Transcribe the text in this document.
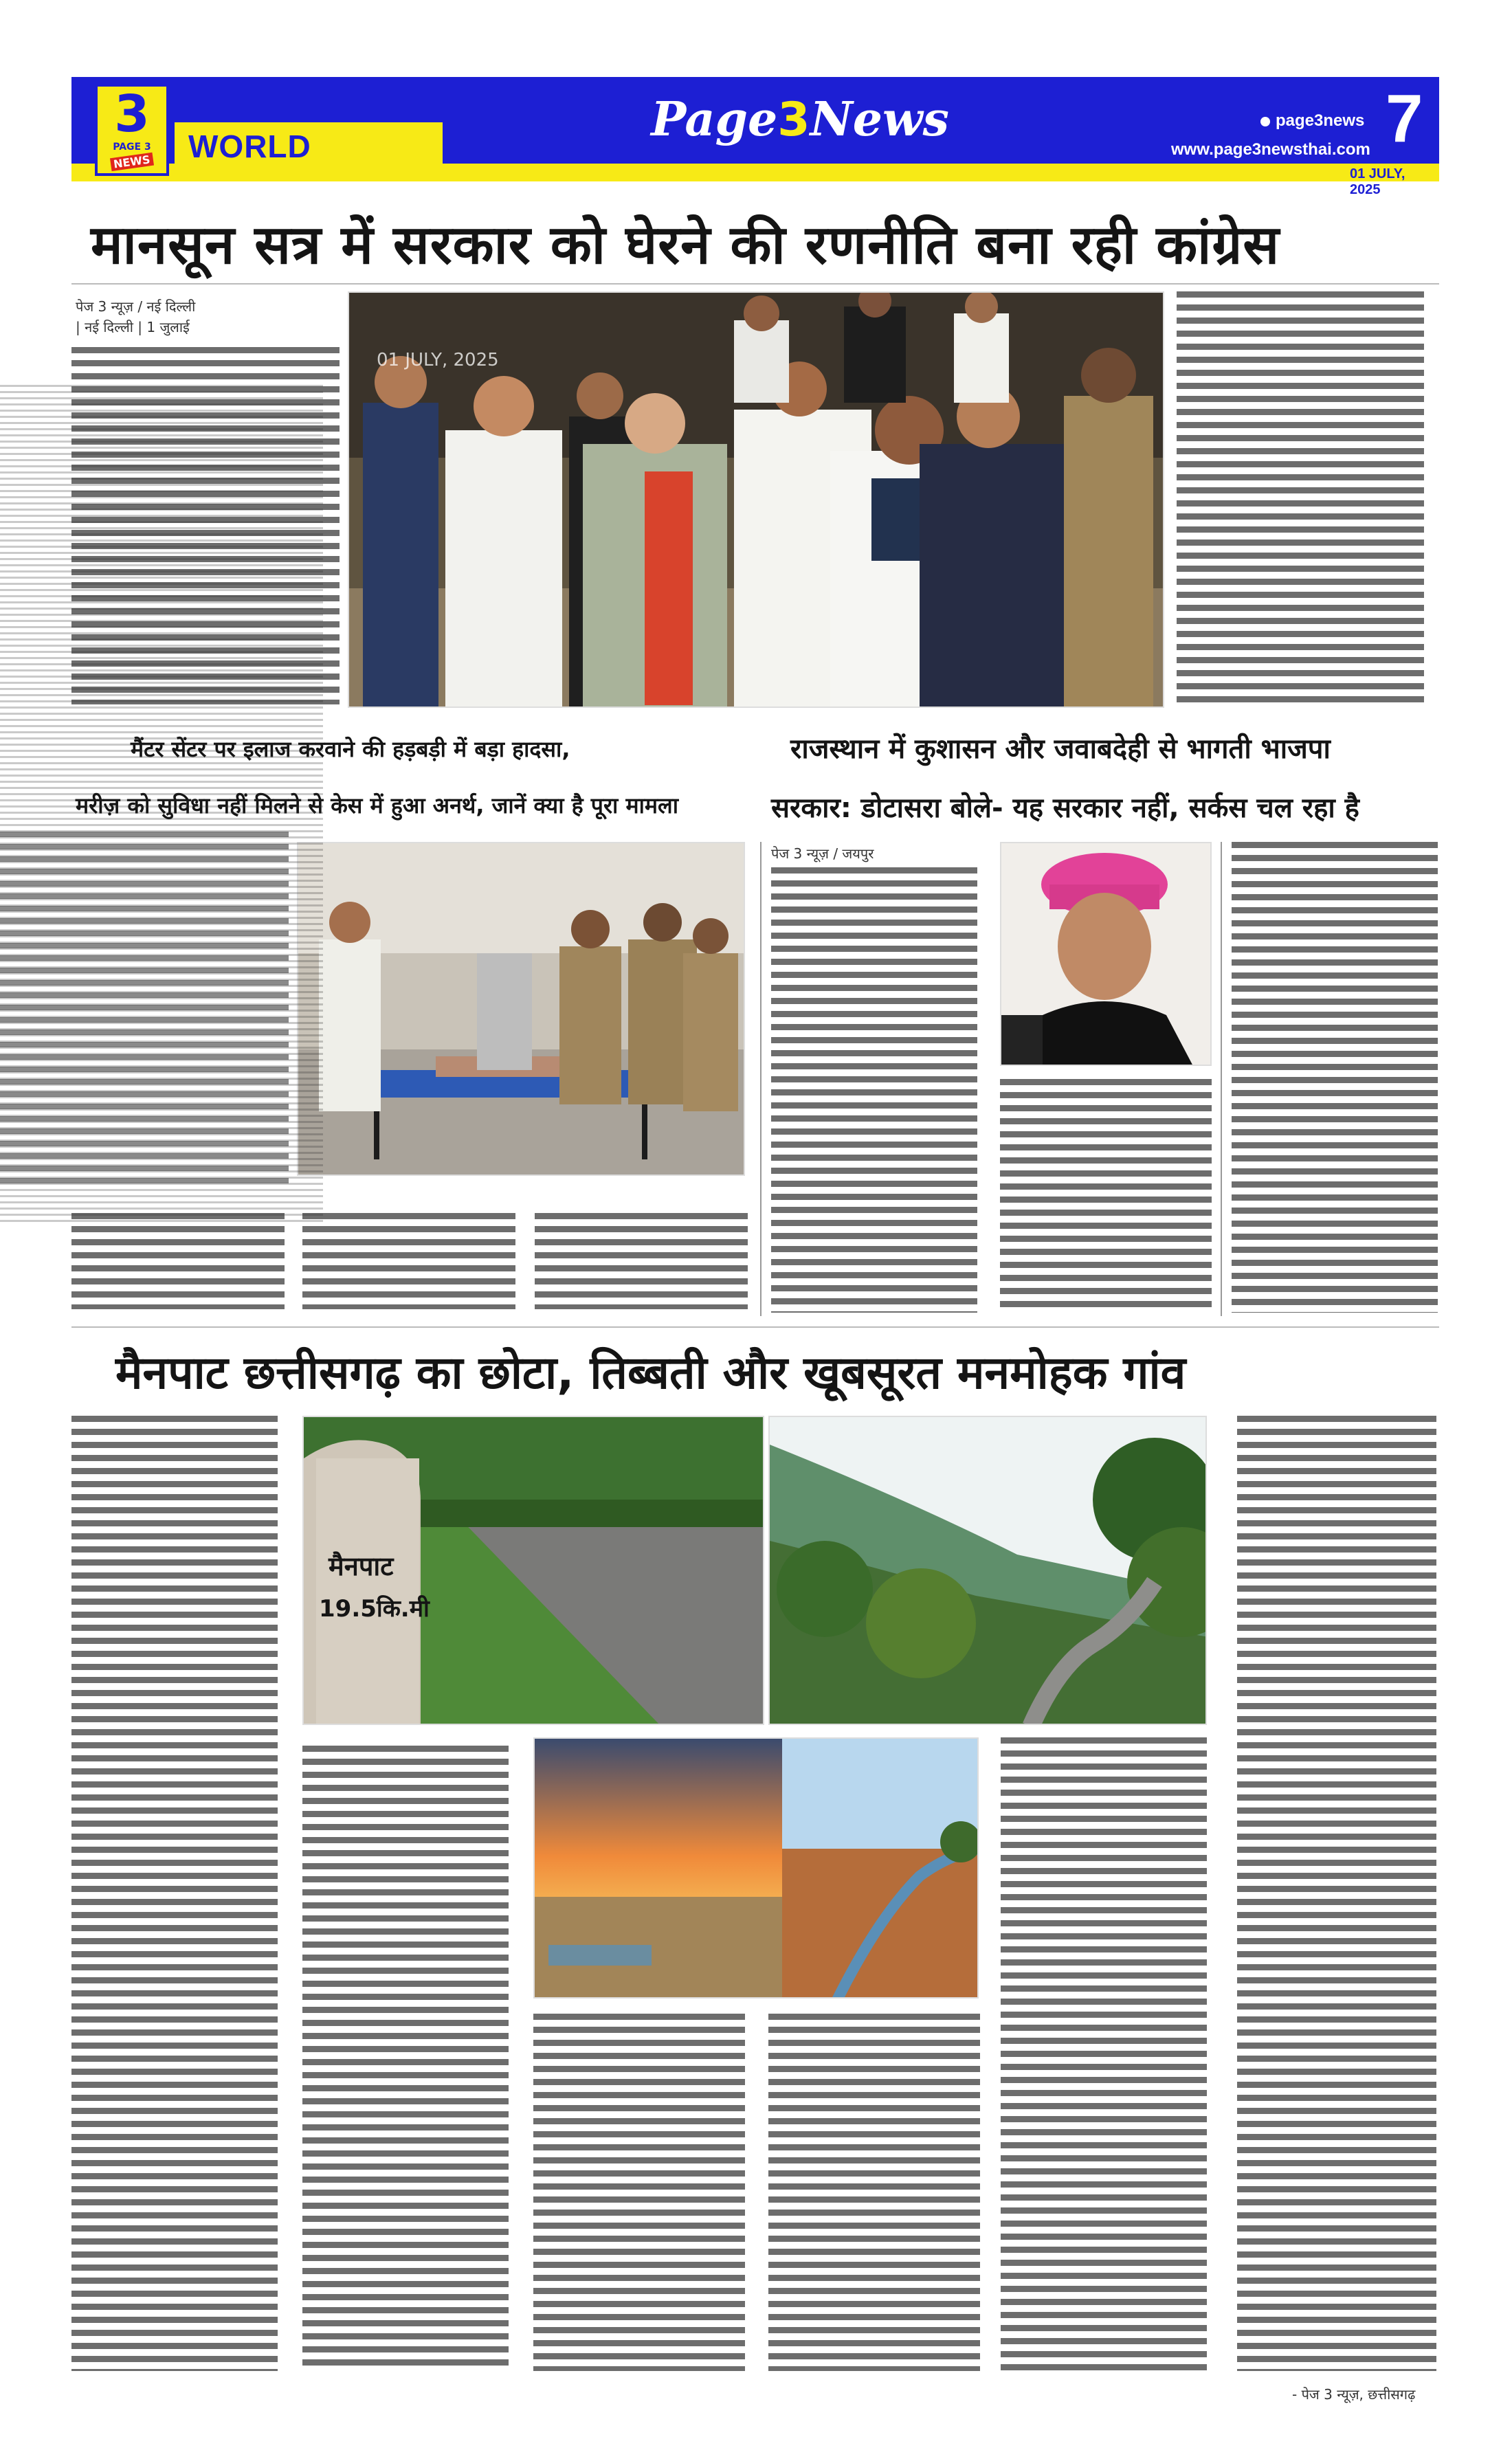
3
PAGE 3
NEWS	WORLD	Page3News	page3news
www.page3newsthai.com 7
01 JULY, 2025
मानसून सत्र में सरकार को घेरने की रणनीति बना रही कांग्रेस
पेज 3 न्यूज़ / नई दिल्ली
| नई दिल्ली | 1 जुलाई
01 JULY, 2025
मैंटर सेंटर पर इलाज करवाने की हड़बड़ी में बड़ा हादसा,
मरीज़ को सुविधा नहीं मिलने से केस में हुआ अनर्थ, जानें क्या है पूरा मामला
राजस्थान में कुशासन और जवाबदेही से भागती भाजपा
सरकार: डोटासरा बोले- यह सरकार नहीं, सर्कस चल रहा है
पेज 3 न्यूज़ / जयपुर
मैनपाट छत्तीसगढ़ का छोटा, तिब्बती और खूबसूरत मनमोहक गांव
मैनपाट
19.5कि.मी
- पेज 3 न्यूज़, छत्तीसगढ़
